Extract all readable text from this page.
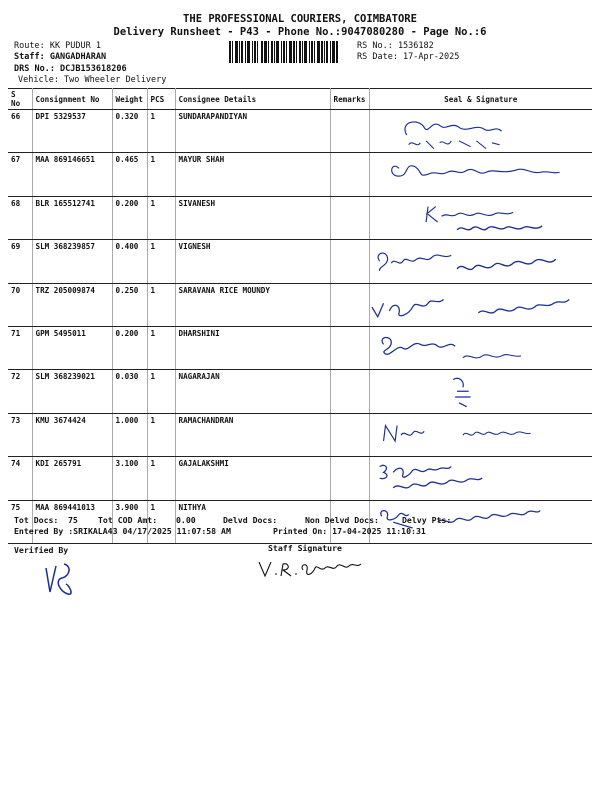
THE PROFESSIONAL COURIERS, COIMBATORE
Delivery Runsheet - P43 - Phone No.:9047080280 - Page No.:6
Route: KK PUDUR 1
Staff: GANGADHARAN
DRS No.: DCJB153618206
Vehicle: Two Wheeler Delivery
RS No.: 1536182
RS Date: 17-Apr-2025
S No	Consignment No	Weight	PCS	Consignee Details	Remarks	Seal & Signature
66	DPI 5329537	0.320	1	SUNDARAPANDIYAN		

67	MAA 869146651	0.465	1	MAYUR SHAH		

68	BLR 165512741	0.200	1	SIVANESH		

69	SLM 368239857	0.400	1	VIGNESH		

70	TRZ 205009874	0.250	1	SARAVANA RICE MOUNDY		

71	GPM 5495011	0.200	1	DHARSHINI		

72	SLM 368239021	0.030	1	NAGARAJAN		

73	KMU 3674424	1.000	1	RAMACHANDRAN		

74	KDI 265791	3.100	1	GAJALAKSHMI		

75	MAA 869441013	3.900	1	NITHYA		
Tot Docs: 75 Tot COD Amt: 0.00	Delvd Docs:	Non Delvd Docs:	Delvy Pts:
Entered By :SRIKALA43 04/17/2025 11:07:58 AM	Printed On: 17-04-2025 11:10:31
Verified By	Staff Signature
